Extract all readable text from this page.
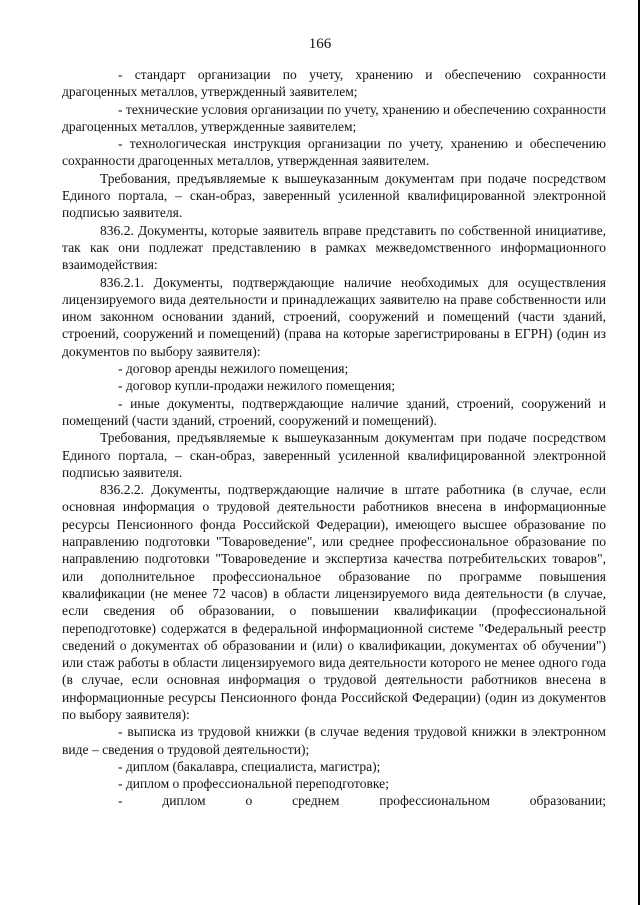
166

- стандарт организации по учету, хранению и обеспечению сохранности драгоценных металлов, утвержденный заявителем;

- технические условия организации по учету, хранению и обеспечению сохранности драгоценных металлов, утвержденные заявителем;

- технологическая инструкция организации по учету, хранению и обеспечению сохранности драгоценных металлов, утвержденная заявителем.

Требования, предъявляемые к вышеуказанным документам при подаче посредством Единого портала, – скан-образ, заверенный усиленной квалифицированной электронной подписью заявителя.

836.2. Документы, которые заявитель вправе представить по собственной инициативе, так как они подлежат представлению в рамках межведомственного информационного взаимодействия:

836.2.1. Документы, подтверждающие наличие необходимых для осуществления лицензируемого вида деятельности и принадлежащих заявителю на праве собственности или ином законном основании зданий, строений, сооружений и помещений (части зданий, строений, сооружений и помещений) (права на которые зарегистрированы в ЕГРН) (один из документов по выбору заявителя):

- договор аренды нежилого помещения;

- договор купли-продажи нежилого помещения;

- иные документы, подтверждающие наличие зданий, строений, сооружений и помещений (части зданий, строений, сооружений и помещений).

Требования, предъявляемые к вышеуказанным документам при подаче посредством Единого портала, – скан-образ, заверенный усиленной квалифицированной электронной подписью заявителя.

836.2.2. Документы, подтверждающие наличие в штате работника (в случае, если основная информация о трудовой деятельности работников внесена в информационные ресурсы Пенсионного фонда Российской Федерации), имеющего высшее образование по направлению подготовки "Товароведение", или среднее профессиональное образование по направлению подготовки "Товароведение и экспертиза качества потребительских товаров", или дополнительное профессиональное образование по программе повышения квалификации (не менее 72 часов) в области лицензируемого вида деятельности (в случае, если сведения об образовании, о повышении квалификации (профессиональной переподготовке) содержатся в федеральной информационной системе "Федеральный реестр сведений о документах об образовании и (или) о квалификации, документах об обучении") или стаж работы в области лицензируемого вида деятельности которого не менее одного года (в случае, если основная информация о трудовой деятельности работников внесена в информационные ресурсы Пенсионного фонда Российской Федерации) (один из документов по выбору заявителя):

- выписка из трудовой книжки (в случае ведения трудовой книжки в электронном виде – сведения о трудовой деятельности);

- диплом (бакалавра, специалиста, магистра);

- диплом о профессиональной переподготовке;

- диплом о среднем профессиональном образовании;
